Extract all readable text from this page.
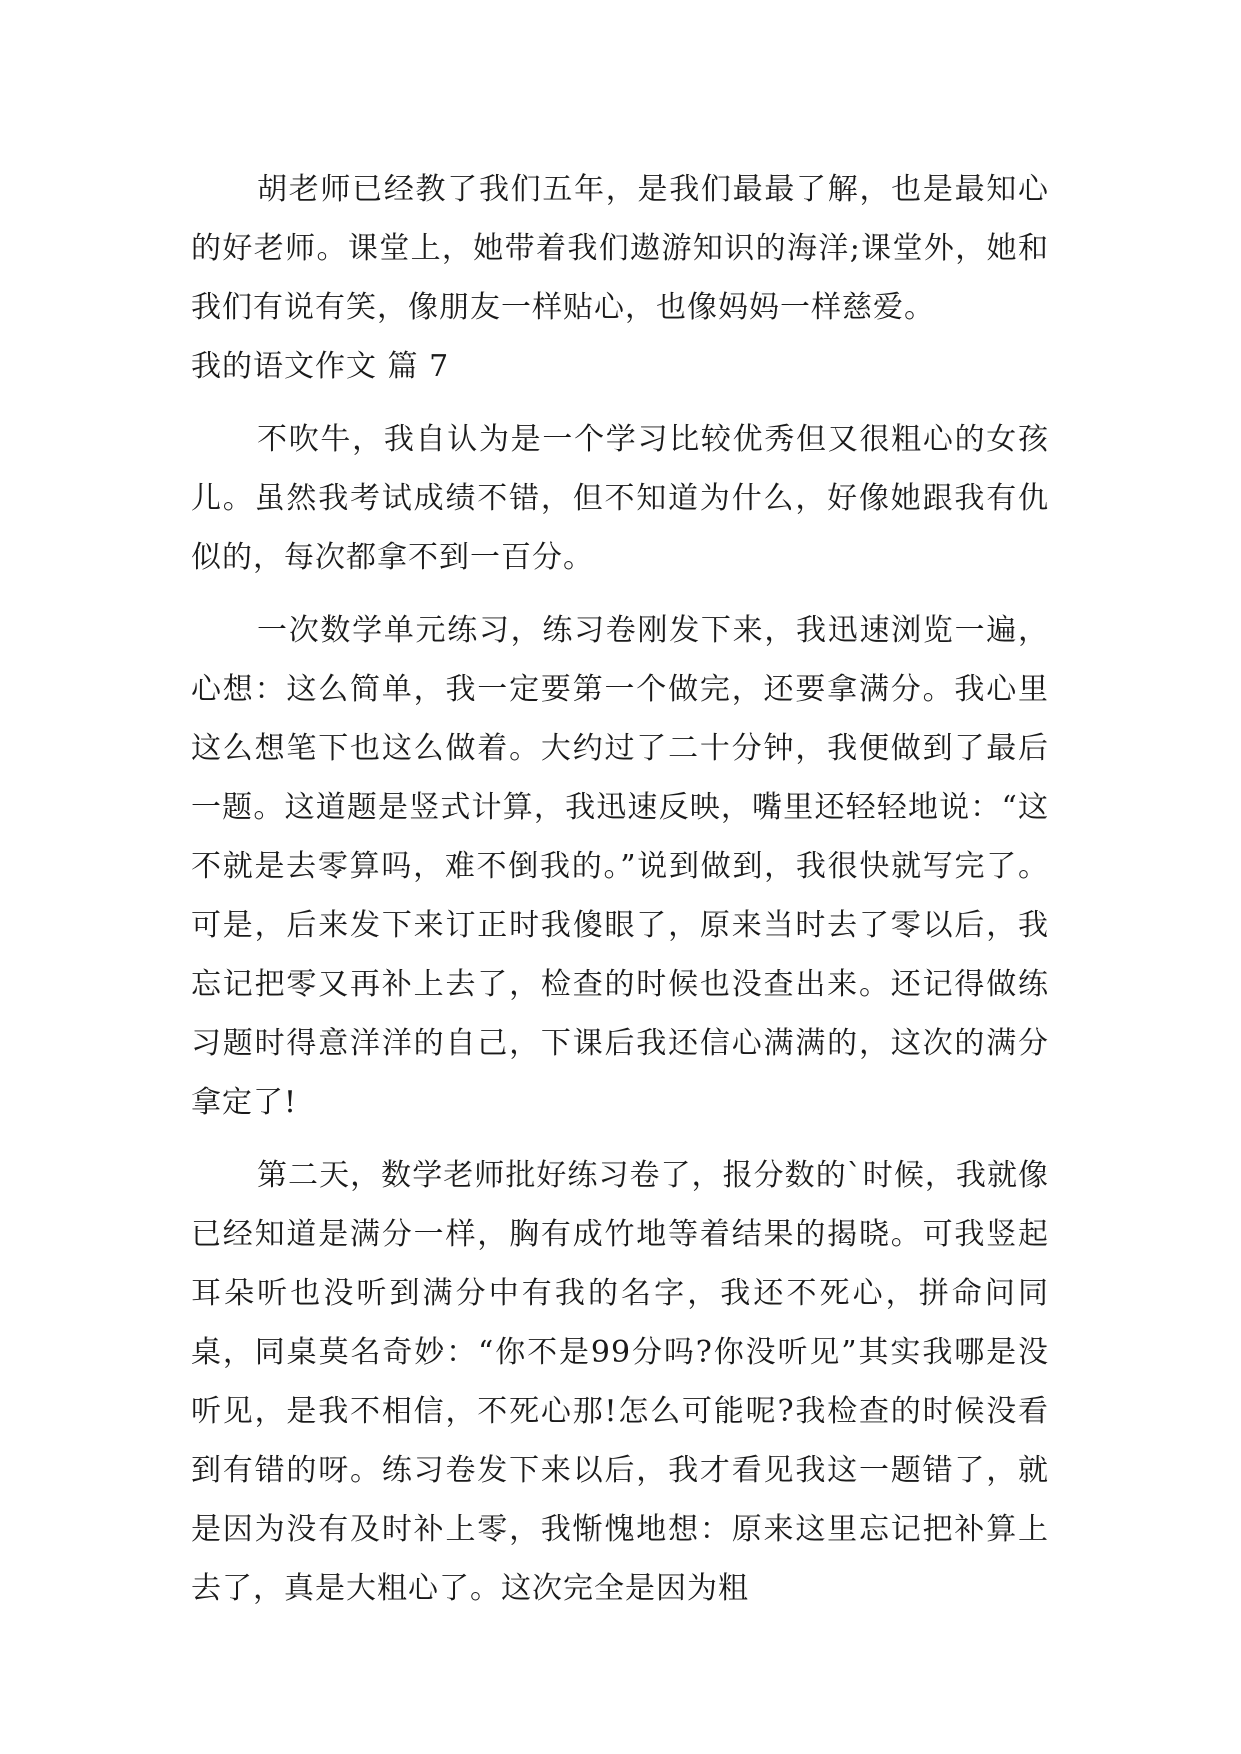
胡老师已经教了我们五年，是我们最最了解，也是最知心的好老师。课堂上，她带着我们遨游知识的海洋;课堂外，她和我们有说有笑，像朋友一样贴心，也像妈妈一样慈爱。

我的语文作文 篇 7

不吹牛，我自认为是一个学习比较优秀但又很粗心的女孩儿。虽然我考试成绩不错，但不知道为什么，好像她跟我有仇似的，每次都拿不到一百分。

一次数学单元练习，练习卷刚发下来，我迅速浏览一遍，心想：这么简单，我一定要第一个做完，还要拿满分。我心里这么想笔下也这么做着。大约过了二十分钟，我便做到了最后一题。这道题是竖式计算，我迅速反映，嘴里还轻轻地说：“这不就是去零算吗，难不倒我的。”说到做到，我很快就写完了。可是，后来发下来订正时我傻眼了，原来当时去了零以后，我忘记把零又再补上去了，检查的时候也没查出来。还记得做练习题时得意洋洋的自己，下课后我还信心满满的，这次的满分拿定了!

第二天，数学老师批好练习卷了，报分数的`时候，我就像已经知道是满分一样，胸有成竹地等着结果的揭晓。可我竖起耳朵听也没听到满分中有我的名字，我还不死心，拼命问同桌，同桌莫名奇妙：“你不是99分吗?你没听见”其实我哪是没听见，是我不相信，不死心那!怎么可能呢?我检查的时候没看到有错的呀。练习卷发下来以后，我才看见我这一题错了，就是因为没有及时补上零，我惭愧地想：原来这里忘记把补算上去了，真是大粗心了。这次完全是因为粗
